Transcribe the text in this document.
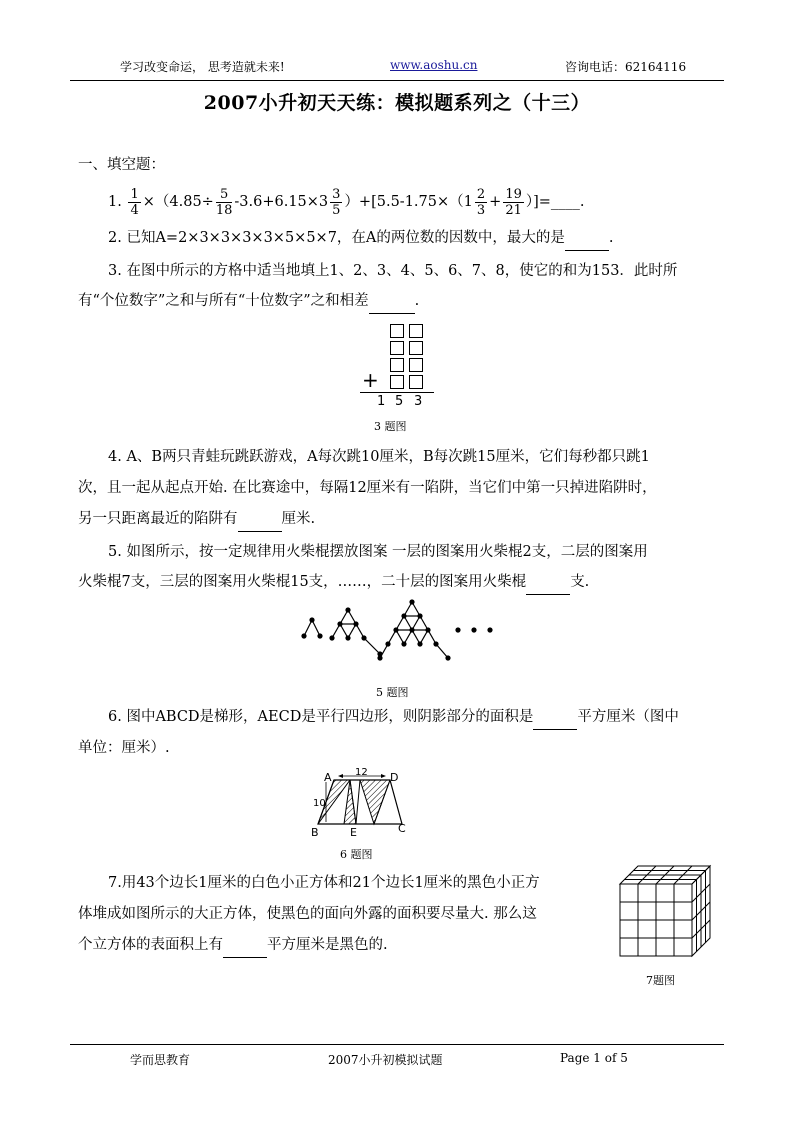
学习改变命运， 思考造就未来!	www.aoshu.cn	咨询电话：62164116
2007小升初天天练：模拟题系列之（十三）
一、填空题：
1. $\frac{1}{4} \times(4.85\div \frac{5}{18} -3.6+6.15\times 3 \frac{3}{5} )+[5.5-1.75\times(1 \frac{2}{3} + \frac{19}{21}$ ）]=____.
2. 已知A=2×3×3×3×3×5×5×7，在A的两位数的因数中，最大的是	.
3. 在图中所示的方格中适当地填上1、2、3、4、5、6、7、8，使它的和为153．此时所
有“个位数字”之和与所有“十位数字”之和相差	.
+
1 5 3
3 题图
4. A、B两只青蛙玩跳跃游戏，A每次跳10厘米，B每次跳15厘米，它们每秒都只跳1
次，且一起从起点开始. 在比赛途中，每隔12厘米有一陷阱，当它们中第一只掉进陷阱时，
另一只距离最近的陷阱有	厘米.
5. 如图所示，按一定规律用火柴棍摆放图案 一层的图案用火柴棍2支，二层的图案用
火柴棍7支，三层的图案用火柴棍15支，……，二十层的图案用火柴棍	支.
5 题图
6. 图中ABCD是梯形，AECD是平行四边形，则阴影部分的面积是	平方厘米（图中
单位：厘米）.
A	D
B	E	C
12
10
6 题图
7.用43个边长1厘米的白色小正方体和21个边长1厘米的黑色小正方
体堆成如图所示的大正方体，使黑色的面向外露的面积要尽量大. 那么这
个立方体的表面积上有	平方厘米是黑色的.
7题图
学而思教育	2007小升初模拟试题	Page 1 of 5
